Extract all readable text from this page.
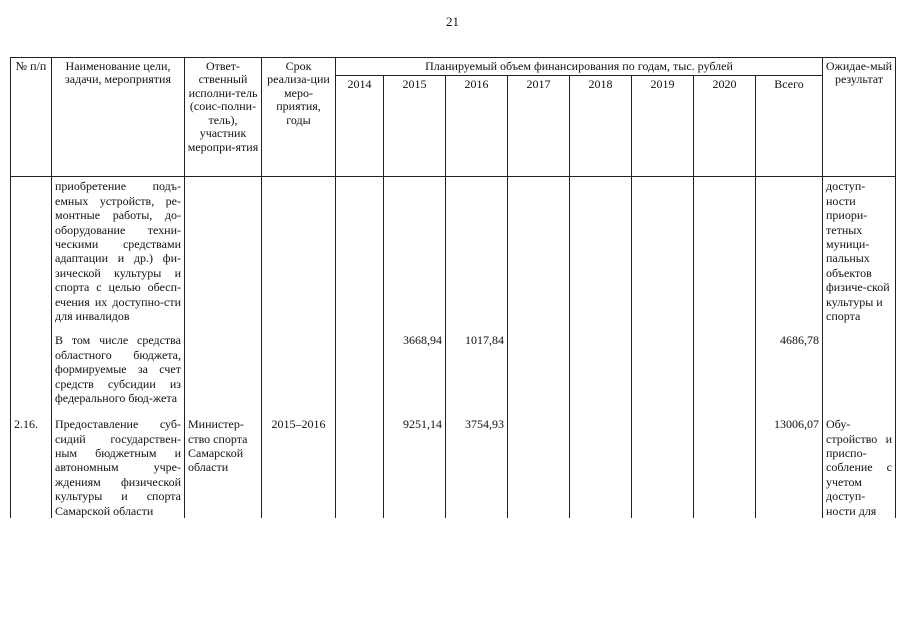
21
№ п/п	Наименование цели, задачи, мероприятия	Ответ-ственный исполни-тель (соис-полни-тель), участник меропри-ятия	Срок реализа-ции меро-приятия, годы	Планируемый объем финансирования по годам, тыс. рублей								Ожидае-мый результат
				2014	2015	2016	2017	2018	2019	2020	Всего	
	приобретение подъ-емных устройств, ре-монтные работы, до-оборудование техни-ческими средствами адаптации и др.) фи-зической культуры и спорта с целью обесп-ечения их доступно-сти для инвалидов											доступ-ности приори-тетных муници-пальных объектов физиче-ской культуры и спорта
	В том числе средства областного бюджета, формируемые за счет средств субсидии из федерального бюд-жета				3668,94	1017,84					4686,78	
2.16.	Предоставление суб-сидий государствен-ным бюджетным и автономным учре-ждениям физической культуры и спорта Самарской области	Министер-ство спорта Самарской области	2015–2016		9251,14	3754,93					13006,07	Обу-стройство и приспо-собление с учетом доступ-ности для
